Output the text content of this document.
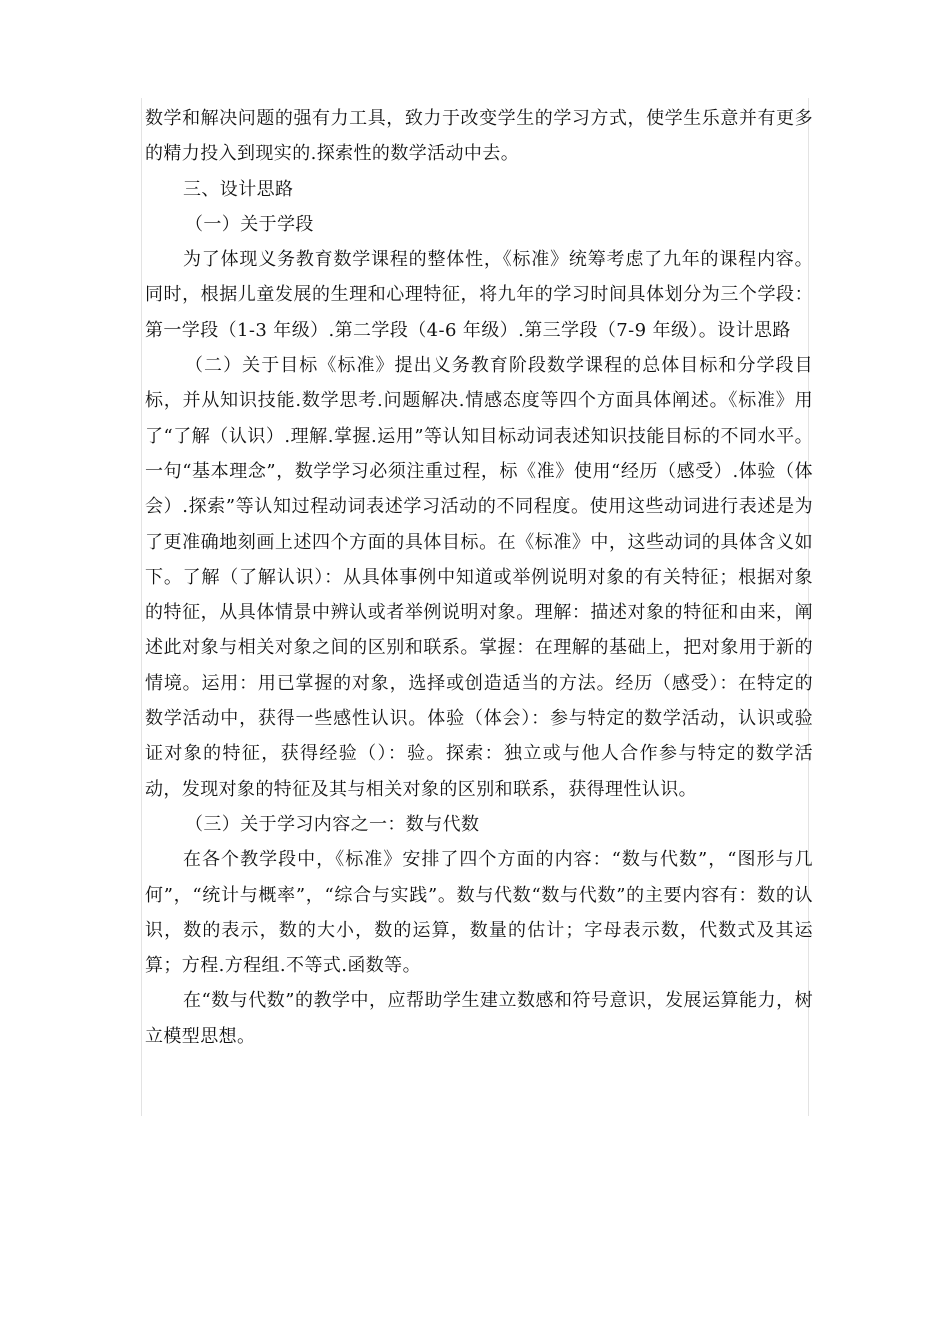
数学和解决问题的强有力工具，致力于改变学生的学习方式，使学生乐意并有更多的精力投入到现实的.探索性的数学活动中去。

三、设计思路

（一）关于学段

为了体现义务教育数学课程的整体性，《标准》统筹考虑了九年的课程内容。同时，根据儿童发展的生理和心理特征，将九年的学习时间具体划分为三个学段：第一学段（1-3 年级）.第二学段（4-6 年级）.第三学段（7-9 年级）。设计思路

（二）关于目标《标准》提出义务教育阶段数学课程的总体目标和分学段目标，并从知识技能.数学思考.问题解决.情感态度等四个方面具体阐述。《标准》用了“了解（认识）.理解.掌握.运用”等认知目标动词表述知识技能目标的不同水平。一句“基本理念”，数学学习必须注重过程，标《准》使用“经历（感受）.体验（体会）.探索”等认知过程动词表述学习活动的不同程度。使用这些动词进行表述是为了更准确地刻画上述四个方面的具体目标。在《标准》中，这些动词的具体含义如下。了解（了解认识）：从具体事例中知道或举例说明对象的有关特征；根据对象的特征，从具体情景中辨认或者举例说明对象。理解：描述对象的特征和由来，阐述此对象与相关对象之间的区别和联系。掌握：在理解的基础上，把对象用于新的情境。运用：用已掌握的对象，选择或创造适当的方法。经历（感受）：在特定的数学活动中，获得一些感性认识。体验（体会）：参与特定的数学活动，认识或验证对象的特征，获得经验（）：验。探索：独立或与他人合作参与特定的数学活动，发现对象的特征及其与相关对象的区别和联系，获得理性认识。

（三）关于学习内容之一：数与代数

在各个教学段中，《标准》安排了四个方面的内容：“数与代数”，“图形与几何”，“统计与概率”，“综合与实践”。数与代数“数与代数”的主要内容有：数的认识，数的表示，数的大小，数的运算，数量的估计；字母表示数，代数式及其运算；方程.方程组.不等式.函数等。

在“数与代数”的教学中，应帮助学生建立数感和符号意识，发展运算能力，树立模型思想。
